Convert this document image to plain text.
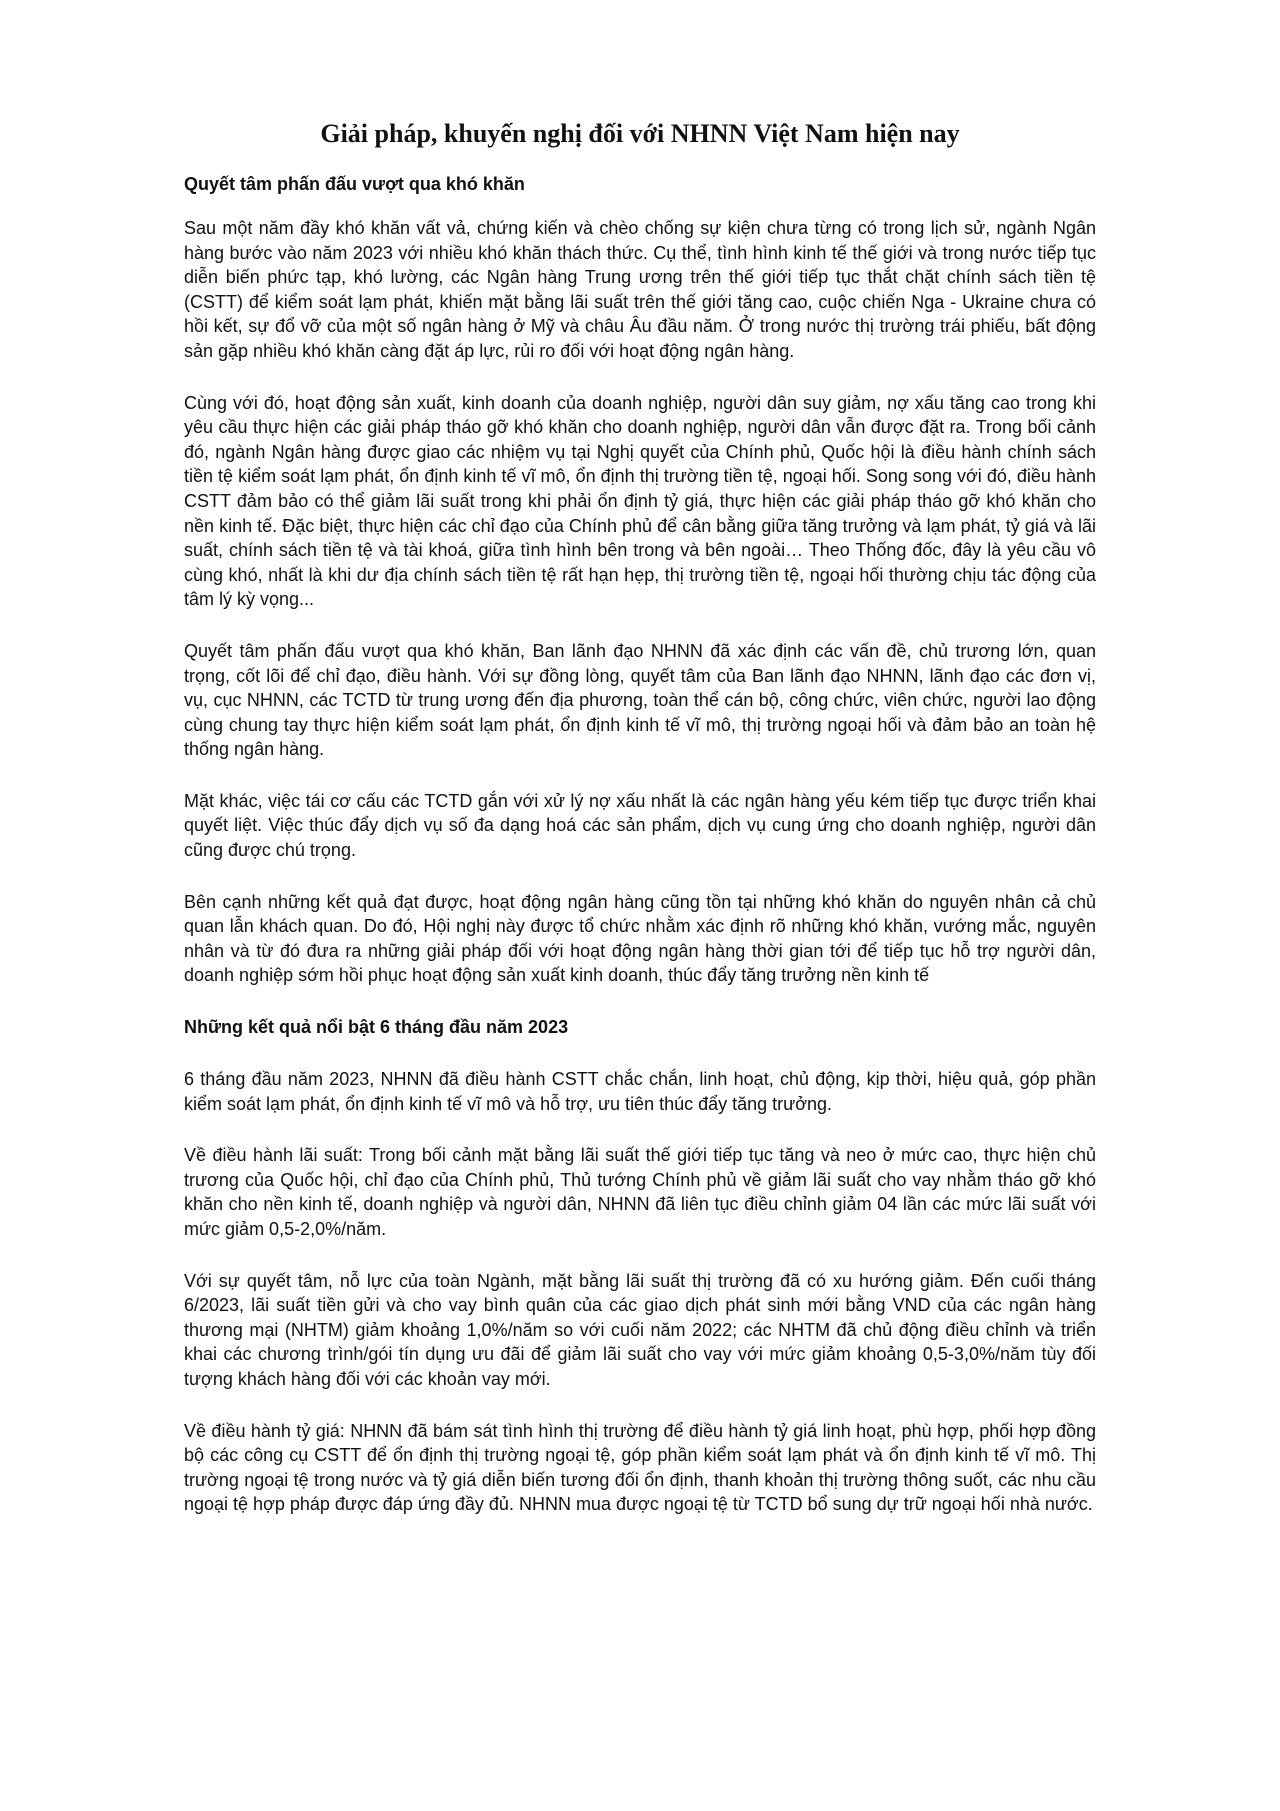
Giải pháp, khuyến nghị đối với NHNN Việt Nam hiện nay
Quyết tâm phấn đấu vượt qua khó khăn

Sau một năm đầy khó khăn vất vả, chứng kiến và chèo chống sự kiện chưa từng có trong lịch sử, ngành Ngân hàng bước vào năm 2023 với nhiều khó khăn thách thức. Cụ thể, tình hình kinh tế thế giới và trong nước tiếp tục diễn biến phức tạp, khó lường, các Ngân hàng Trung ương trên thế giới tiếp tục thắt chặt chính sách tiền tệ (CSTT) để kiểm soát lạm phát, khiến mặt bằng lãi suất trên thế giới tăng cao, cuộc chiến Nga - Ukraine chưa có hồi kết, sự đổ vỡ của một số ngân hàng ở Mỹ và châu Âu đầu năm. Ở trong nước thị trường trái phiếu, bất động sản gặp nhiều khó khăn càng đặt áp lực, rủi ro đối với hoạt động ngân hàng.

Cùng với đó, hoạt động sản xuất, kinh doanh của doanh nghiệp, người dân suy giảm, nợ xấu tăng cao trong khi yêu cầu thực hiện các giải pháp tháo gỡ khó khăn cho doanh nghiệp, người dân vẫn được đặt ra. Trong bối cảnh đó, ngành Ngân hàng được giao các nhiệm vụ tại Nghị quyết của Chính phủ, Quốc hội là điều hành chính sách tiền tệ kiểm soát lạm phát, ổn định kinh tế vĩ mô, ổn định thị trường tiền tệ, ngoại hối. Song song với đó, điều hành CSTT đảm bảo có thể giảm lãi suất trong khi phải ổn định tỷ giá, thực hiện các giải pháp tháo gỡ khó khăn cho nền kinh tế. Đặc biệt, thực hiện các chỉ đạo của Chính phủ để cân bằng giữa tăng trưởng và lạm phát, tỷ giá và lãi suất, chính sách tiền tệ và tài khoá, giữa tình hình bên trong và bên ngoài… Theo Thống đốc, đây là yêu cầu vô cùng khó, nhất là khi dư địa chính sách tiền tệ rất hạn hẹp, thị trường tiền tệ, ngoại hối thường chịu tác động của tâm lý kỳ vọng...

Quyết tâm phấn đấu vượt qua khó khăn, Ban lãnh đạo NHNN đã xác định các vấn đề, chủ trương lớn, quan trọng, cốt lõi để chỉ đạo, điều hành. Với sự đồng lòng, quyết tâm của Ban lãnh đạo NHNN, lãnh đạo các đơn vị, vụ, cục NHNN, các TCTD từ trung ương đến địa phương, toàn thể cán bộ, công chức, viên chức, người lao động cùng chung tay thực hiện kiểm soát lạm phát, ổn định kinh tế vĩ mô, thị trường ngoại hối và đảm bảo an toàn hệ thống ngân hàng.

Mặt khác, việc tái cơ cấu các TCTD gắn với xử lý nợ xấu nhất là các ngân hàng yếu kém tiếp tục được triển khai quyết liệt. Việc thúc đẩy dịch vụ số đa dạng hoá các sản phẩm, dịch vụ cung ứng cho doanh nghiệp, người dân cũng được chú trọng.

Bên cạnh những kết quả đạt được, hoạt động ngân hàng cũng tồn tại những khó khăn do nguyên nhân cả chủ quan lẫn khách quan. Do đó, Hội nghị này được tổ chức nhằm xác định rõ những khó khăn, vướng mắc, nguyên nhân và từ đó đưa ra những giải pháp đối với hoạt động ngân hàng thời gian tới để tiếp tục hỗ trợ người dân, doanh nghiệp sớm hồi phục hoạt động sản xuất kinh doanh, thúc đẩy tăng trưởng nền kinh tế

Những kết quả nổi bật 6 tháng đầu năm 2023

6 tháng đầu năm 2023, NHNN đã điều hành CSTT chắc chắn, linh hoạt, chủ động, kịp thời, hiệu quả, góp phần kiểm soát lạm phát, ổn định kinh tế vĩ mô và hỗ trợ, ưu tiên thúc đẩy tăng trưởng.

Về điều hành lãi suất: Trong bối cảnh mặt bằng lãi suất thế giới tiếp tục tăng và neo ở mức cao, thực hiện chủ trương của Quốc hội, chỉ đạo của Chính phủ, Thủ tướng Chính phủ về giảm lãi suất cho vay nhằm tháo gỡ khó khăn cho nền kinh tế, doanh nghiệp và người dân, NHNN đã liên tục điều chỉnh giảm 04 lần các mức lãi suất với mức giảm 0,5-2,0%/năm.

Với sự quyết tâm, nỗ lực của toàn Ngành, mặt bằng lãi suất thị trường đã có xu hướng giảm. Đến cuối tháng 6/2023, lãi suất tiền gửi và cho vay bình quân của các giao dịch phát sinh mới bằng VND của các ngân hàng thương mại (NHTM) giảm khoảng 1,0%/năm so với cuối năm 2022; các NHTM đã chủ động điều chỉnh và triển khai các chương trình/gói tín dụng ưu đãi để giảm lãi suất cho vay với mức giảm khoảng 0,5-3,0%/năm tùy đối tượng khách hàng đối với các khoản vay mới.

Về điều hành tỷ giá: NHNN đã bám sát tình hình thị trường để điều hành tỷ giá linh hoạt, phù hợp, phối hợp đồng bộ các công cụ CSTT để ổn định thị trường ngoại tệ, góp phần kiểm soát lạm phát và ổn định kinh tế vĩ mô. Thị trường ngoại tệ trong nước và tỷ giá diễn biến tương đối ổn định, thanh khoản thị trường thông suốt, các nhu cầu ngoại tệ hợp pháp được đáp ứng đầy đủ. NHNN mua được ngoại tệ từ TCTD bổ sung dự trữ ngoại hối nhà nước.
